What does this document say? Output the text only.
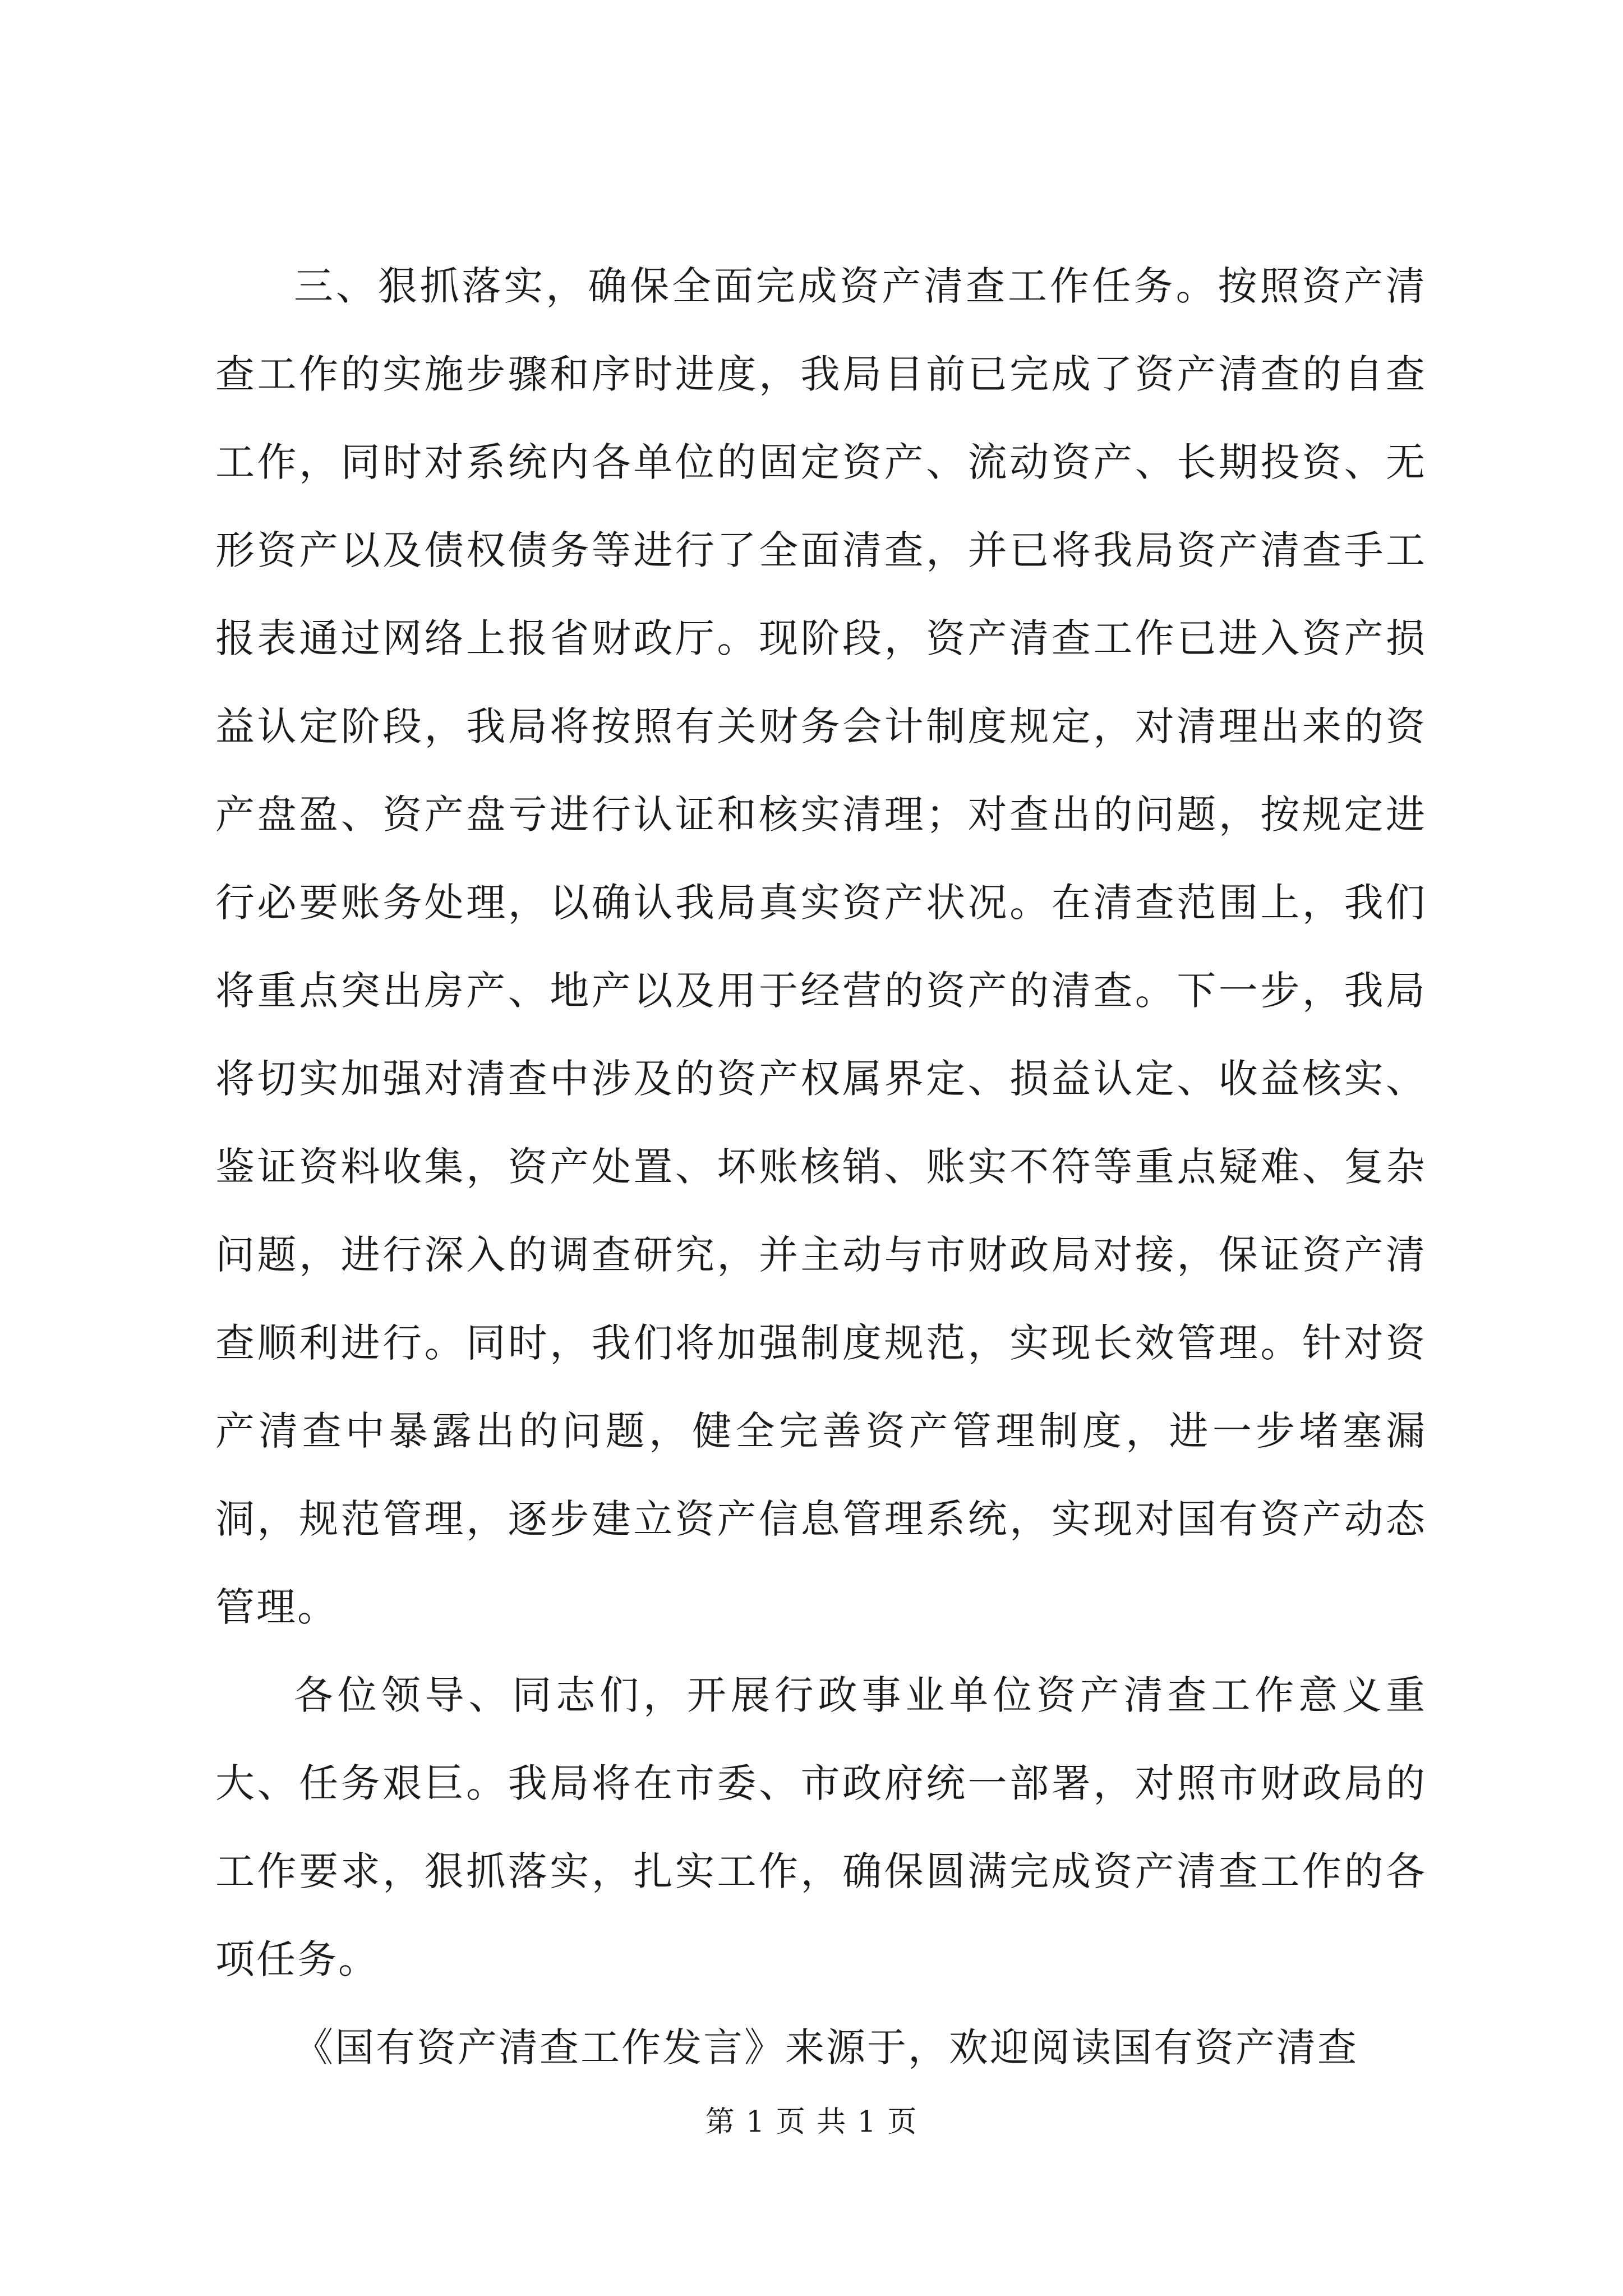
三、狠抓落实，确保全面完成资产清查工作任务。按照资产清查工作的实施步骤和序时进度，我局目前已完成了资产清查的自查工作，同时对系统内各单位的固定资产、流动资产、长期投资、无形资产以及债权债务等进行了全面清查，并已将我局资产清查手工报表通过网络上报省财政厅。现阶段，资产清查工作已进入资产损益认定阶段，我局将按照有关财务会计制度规定，对清理出来的资产盘盈、资产盘亏进行认证和核实清理；对查出的问题，按规定进行必要账务处理，以确认我局真实资产状况。在清查范围上，我们将重点突出房产、地产以及用于经营的资产的清查。下一步，我局将切实加强对清查中涉及的资产权属界定、损益认定、收益核实、鉴证资料收集，资产处置、坏账核销、账实不符等重点疑难、复杂问题，进行深入的调查研究，并主动与市财政局对接，保证资产清查顺利进行。同时，我们将加强制度规范，实现长效管理。针对资产清查中暴露出的问题，健全完善资产管理制度，进一步堵塞漏洞，规范管理，逐步建立资产信息管理系统，实现对国有资产动态管理。

各位领导、同志们，开展行政事业单位资产清查工作意义重大、任务艰巨。我局将在市委、市政府统一部署，对照市财政局的工作要求，狠抓落实，扎实工作，确保圆满完成资产清查工作的各项任务。

《国有资产清查工作发言》来源于，欢迎阅读国有资产清查

第 1 页 共 1 页
